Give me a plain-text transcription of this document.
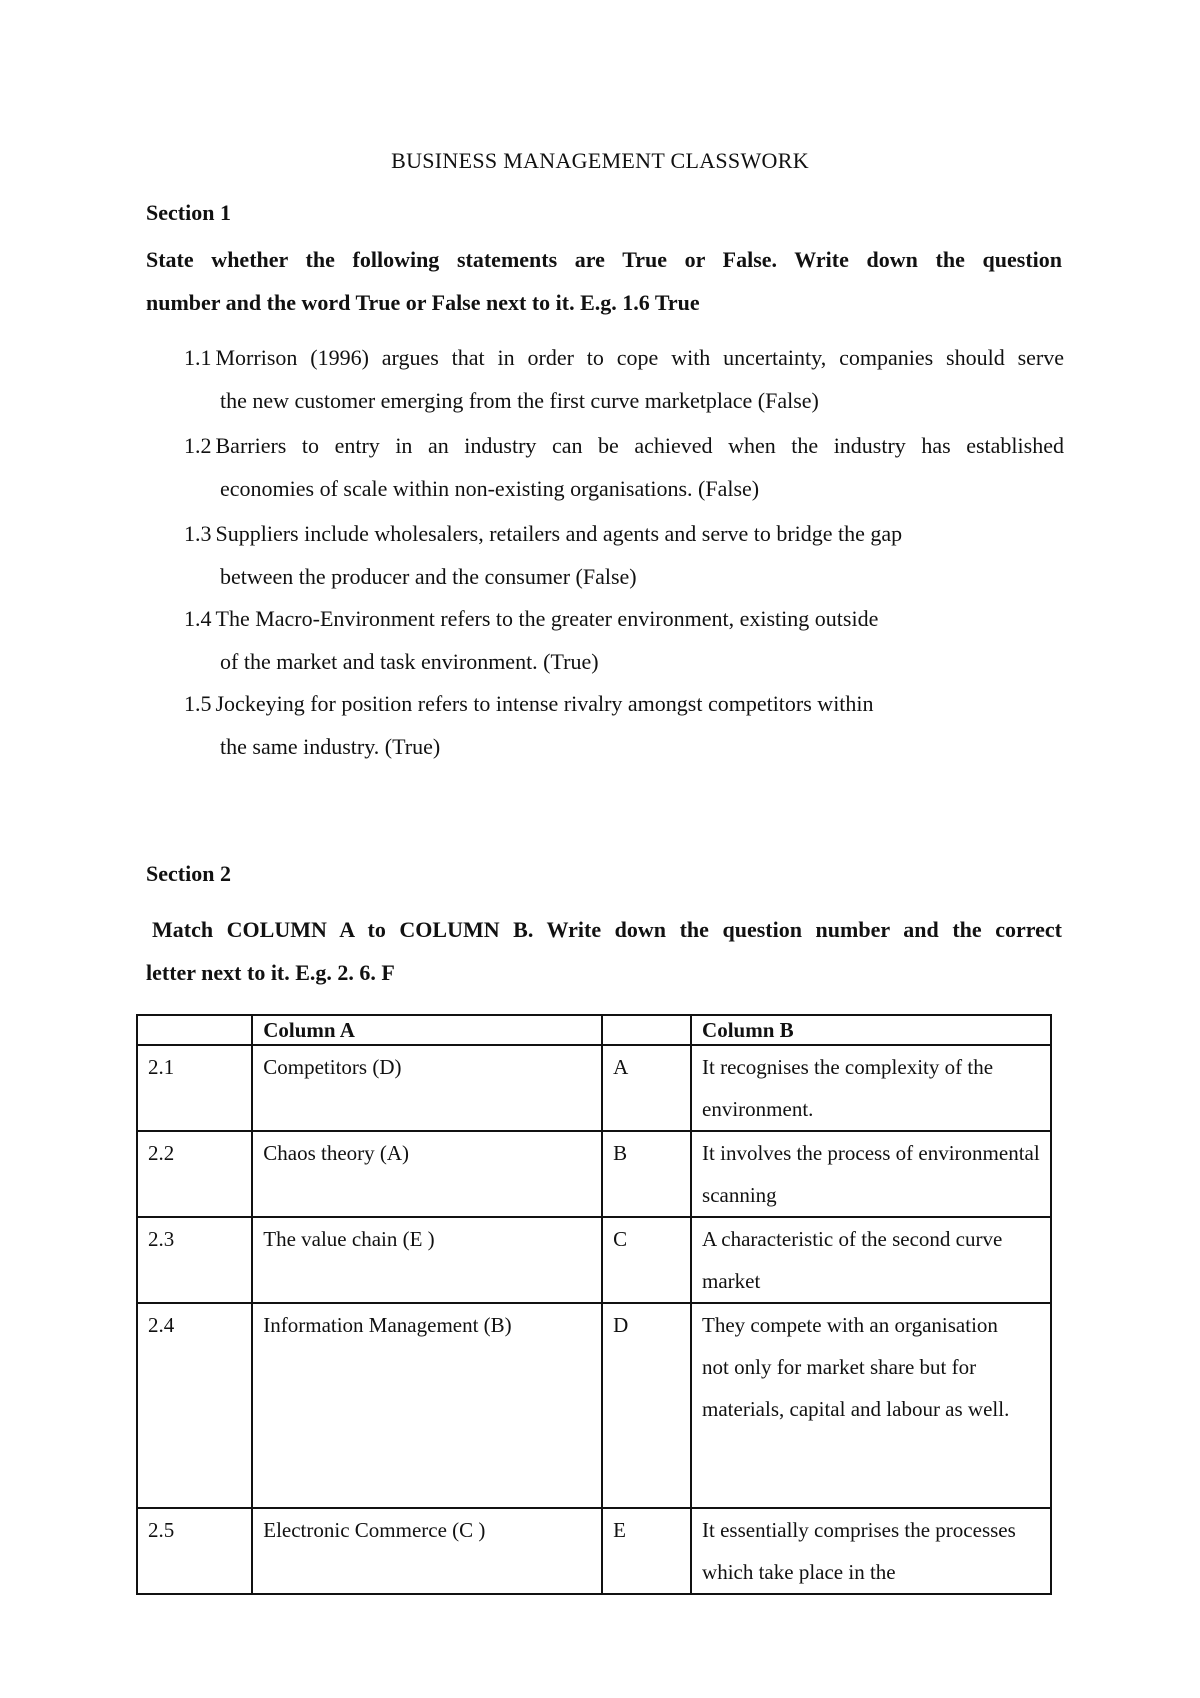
BUSINESS MANAGEMENT CLASSWORK
Section 1
State whether the following statements are True or False. Write down the question
number and the word True or False next to it. E.g. 1.6 True
1.1 Morrison (1996) argues that in order to cope with uncertainty, companies should serve
the new customer emerging from the first curve marketplace (False)
1.2 Barriers to entry in an industry can be achieved when the industry has established
economies of scale within non-existing organisations. (False)
1.3 Suppliers include wholesalers, retailers and agents and serve to bridge the gap
between the producer and the consumer (False)
1.4 The Macro-Environment refers to the greater environment, existing outside
of the market and task environment. (True)
1.5 Jockeying for position refers to intense rivalry amongst competitors within
the same industry. (True)
Section 2
Match COLUMN A to COLUMN B. Write down the question number and the correct
letter next to it. E.g. 2. 6. F
	Column A		Column B
2.1	Competitors (D)	A	It recognises the complexity of the environment.
2.2	Chaos theory (A)	B	It involves the process of environmental scanning
2.3	The value chain (E )	C	A characteristic of the second curve market
2.4	Information Management (B)	D	They compete with an organisation not only for market share but for materials, capital and labour as well.
2.5	Electronic Commerce (C )	E	It essentially comprises the processes which take place in the
